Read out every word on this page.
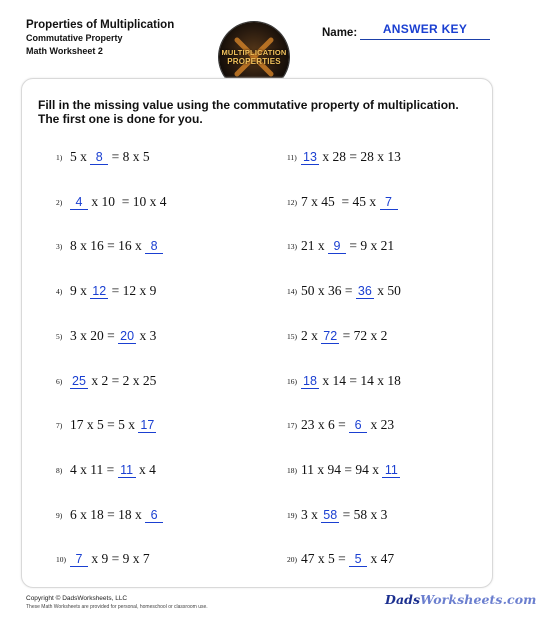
Properties of Multiplication
Commutative Property
Math Worksheet 2	MULTIPLICATION
PROPERTIES
Name:	ANSWER KEY
Fill in the missing value using the commutative property of multiplication. The first one is done for you.
1) 5 x 8 = 8 x 5
2) 4 x 10  = 10 x 4
3) 8 x 16 = 16 x 8
4) 9 x 12 = 12 x 9
5) 3 x 20 = 20 x 3
6) 25 x 2 = 2 x 25
7) 17 x 5 = 5 x 17
8) 4 x 11 = 11 x 4
9) 6 x 18 = 18 x 6
10) 7 x 9 = 9 x 7
11) 13 x 28 = 28 x 13
12) 7 x 45  = 45 x 7
13) 21 x 9 = 9 x 21
14) 50 x 36 = 36 x 50
15) 2 x 72 = 72 x 2
16) 18 x 14 = 14 x 18
17) 23 x 6 = 6 x 23
18) 11 x 94 = 94 x 11
19) 3 x 58 = 58 x 3
20) 47 x 5 = 5 x 47
Copyright © DadsWorksheets, LLC
These Math Worksheets are provided for personal, homeschool or classroom use.	DadsWorksheets.com
